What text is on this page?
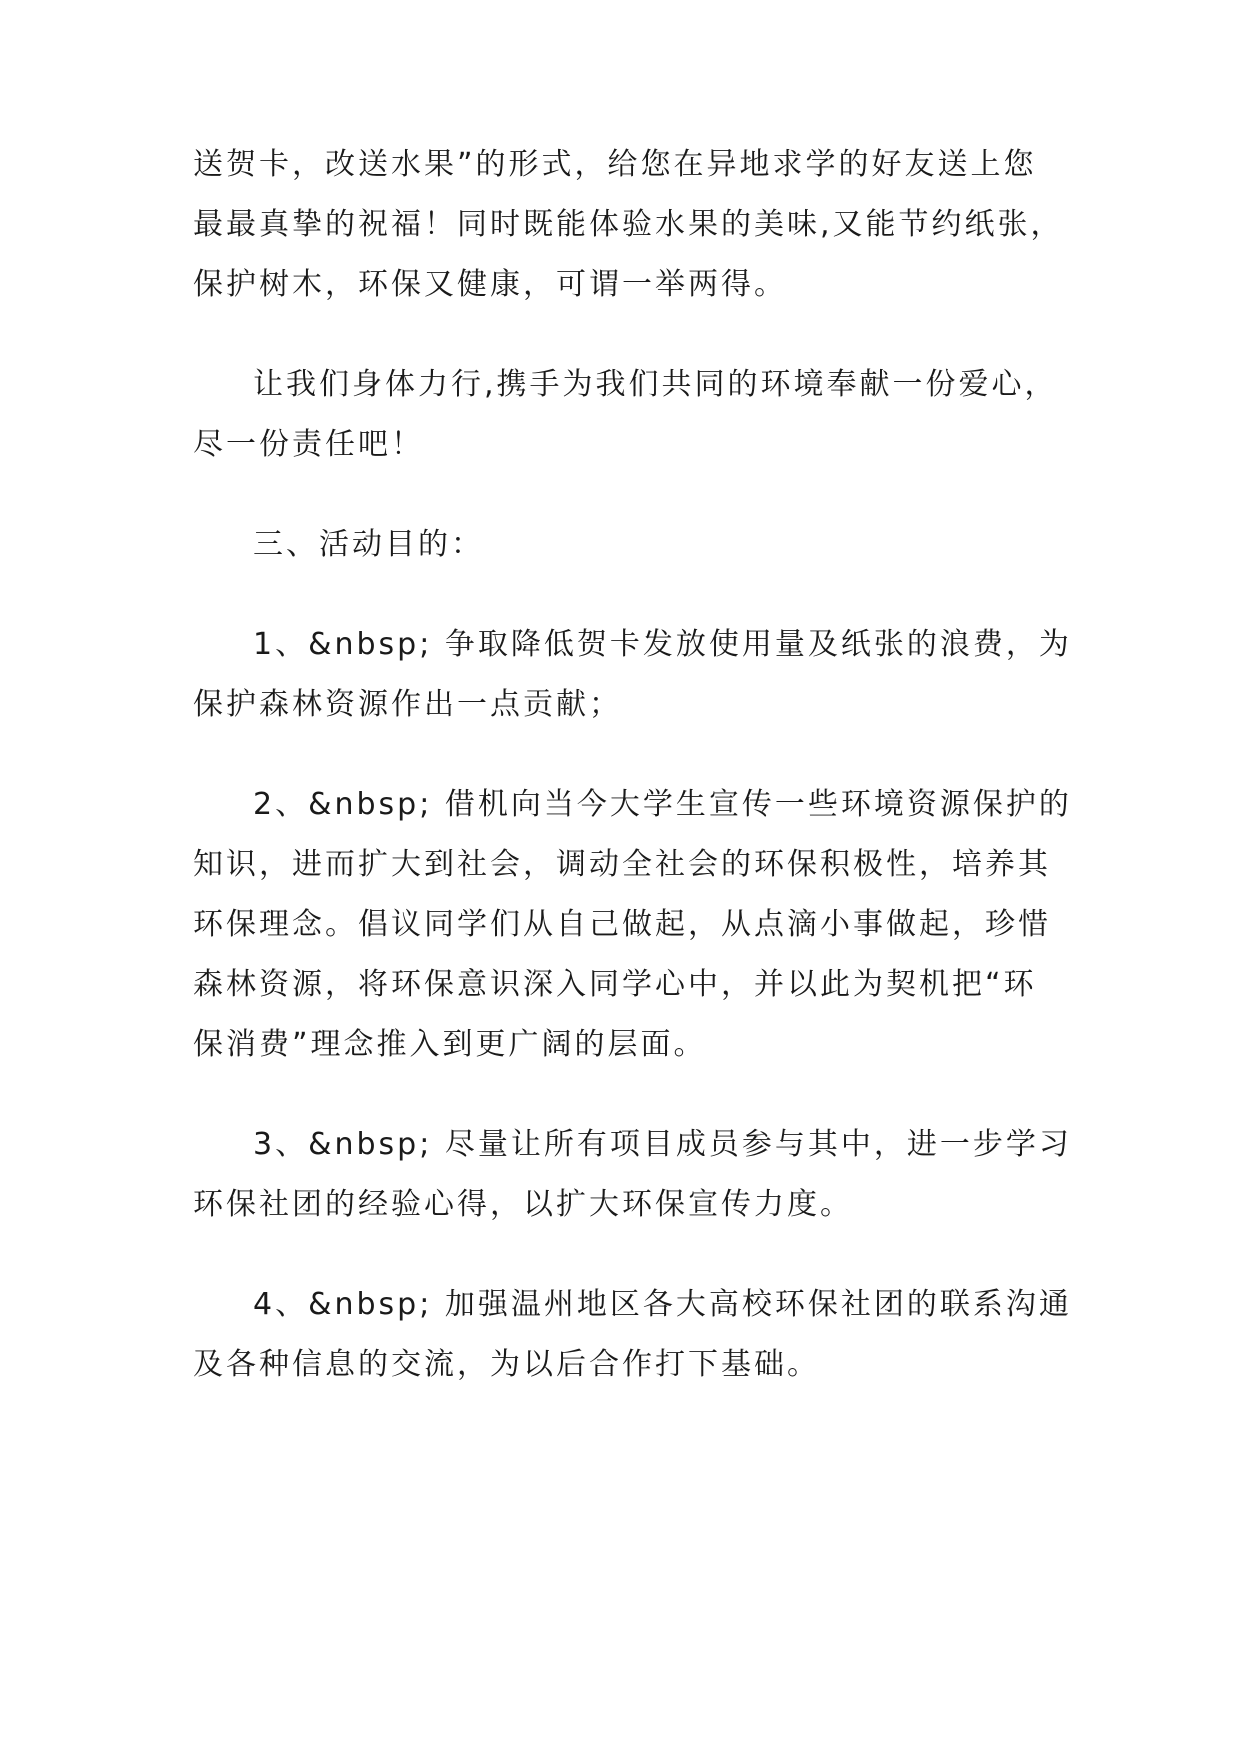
送贺卡，改送水果”的形式，给您在异地求学的好友送上您
最最真挚的祝福！同时既能体验水果的美味,又能节约纸张，
保护树木，环保又健康，可谓一举两得。
让我们身体力行,携手为我们共同的环境奉献一份爱心，
尽一份责任吧！
三、活动目的：
1、&nbsp; 争取降低贺卡发放使用量及纸张的浪费，为
保护森林资源作出一点贡献；
2、&nbsp; 借机向当今大学生宣传一些环境资源保护的
知识，进而扩大到社会，调动全社会的环保积极性，培养其
环保理念。倡议同学们从自己做起，从点滴小事做起，珍惜
森林资源，将环保意识深入同学心中，并以此为契机把“环
保消费”理念推入到更广阔的层面。
3、&nbsp; 尽量让所有项目成员参与其中，进一步学习
环保社团的经验心得，以扩大环保宣传力度。
4、&nbsp; 加强温州地区各大高校环保社团的联系沟通
及各种信息的交流，为以后合作打下基础。
